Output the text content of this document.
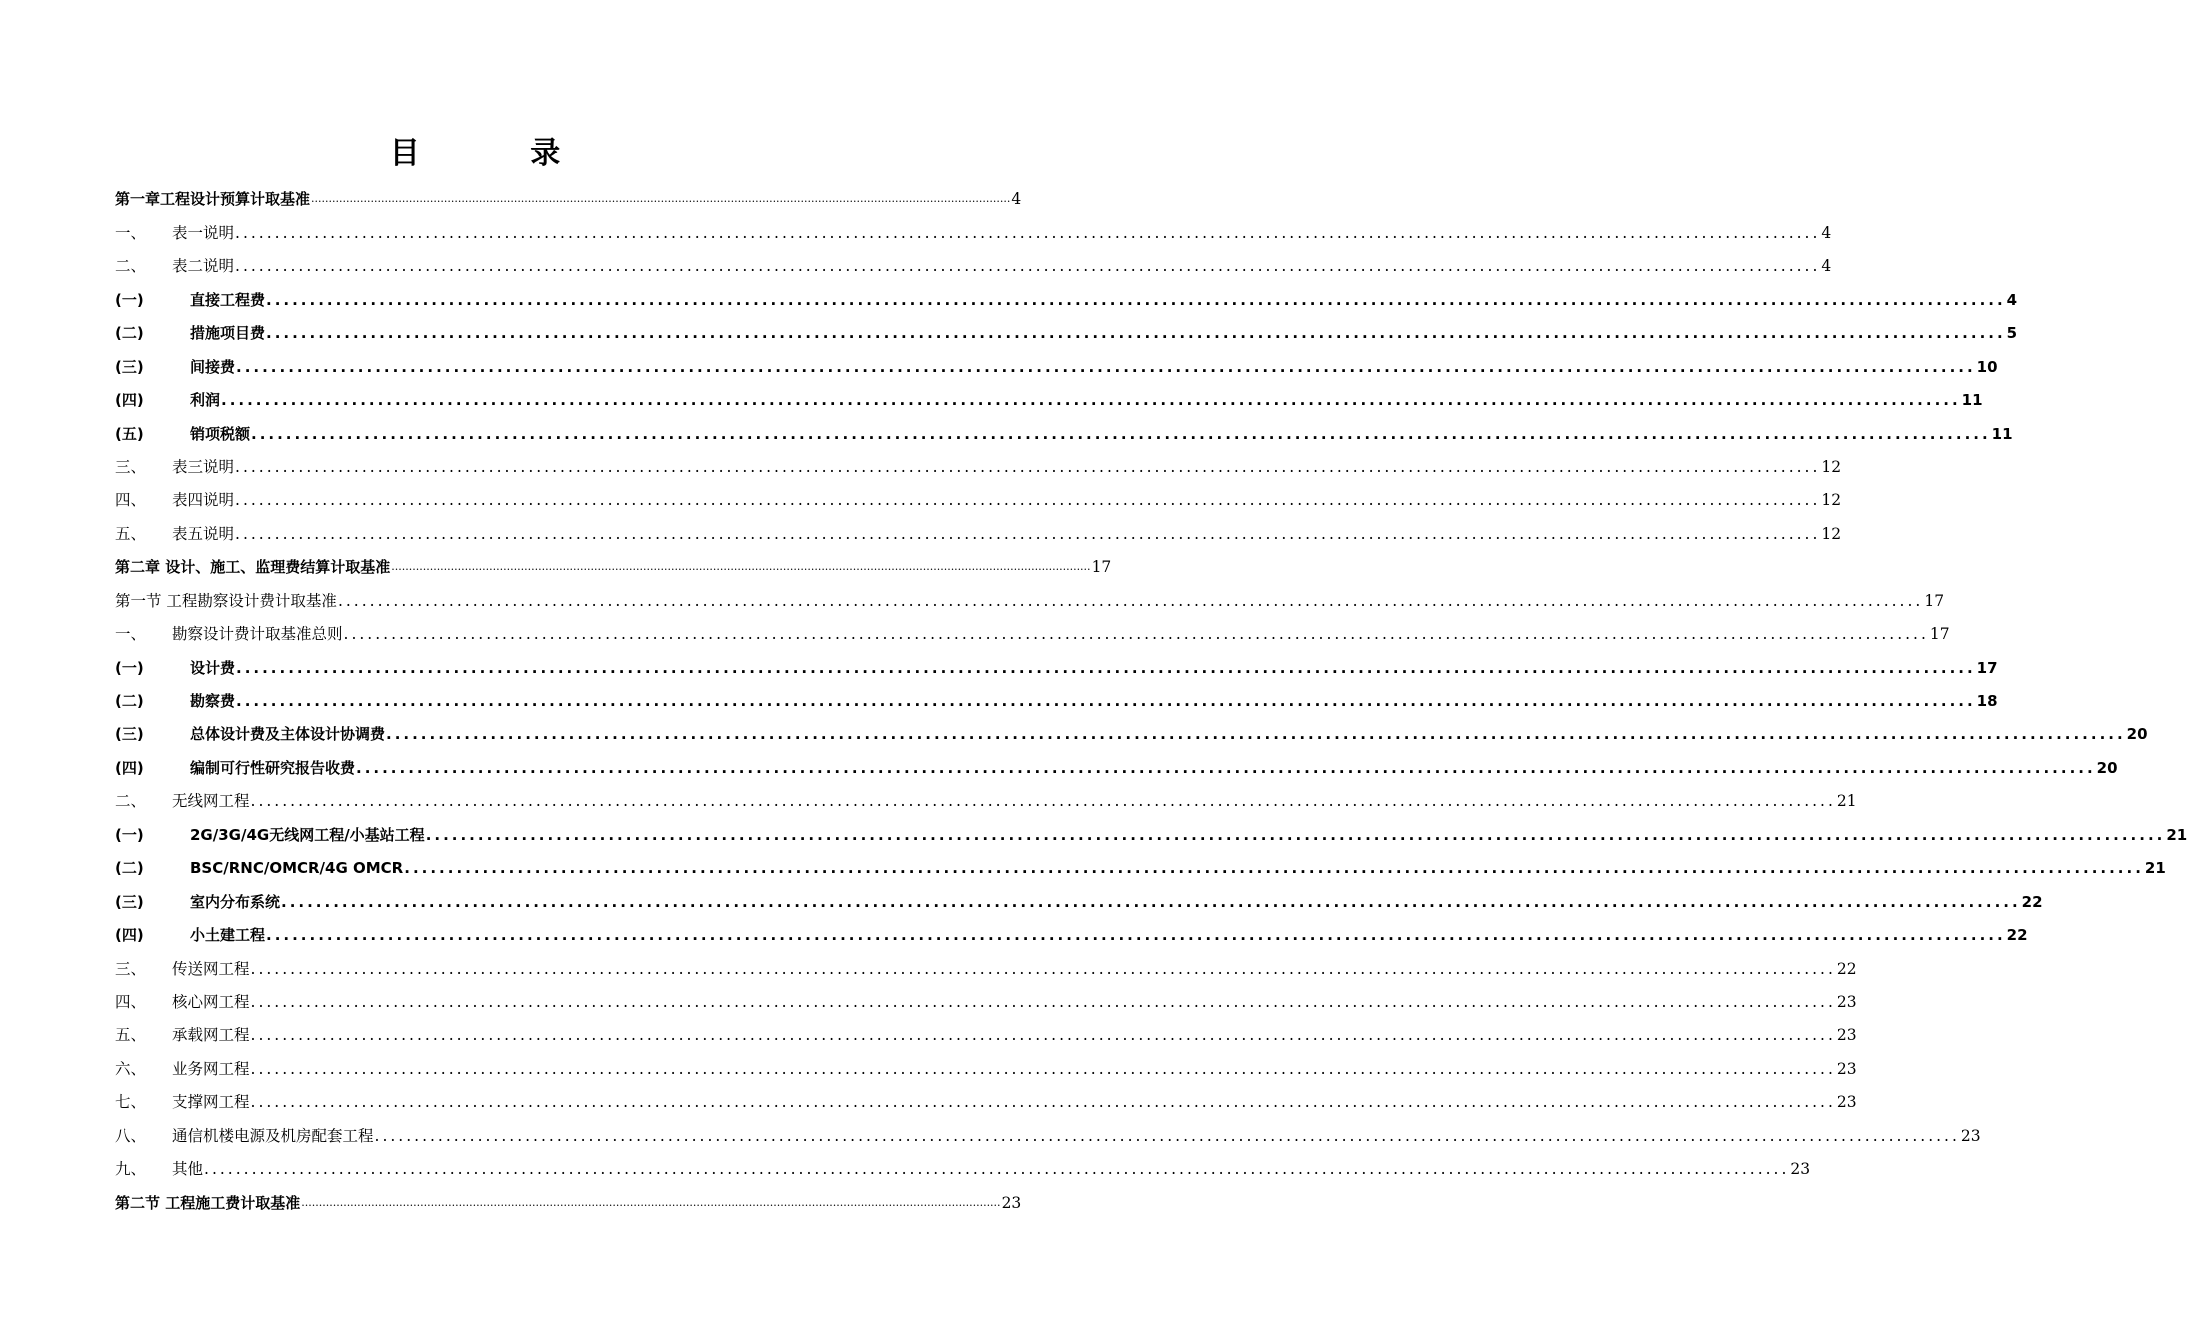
目 录
第一章工程设计预算计取基准 ........................................................................................................................................................................................................ 4
一、	表一说明 ........................................................................................................................................................................................................ 4
二、	表二说明 ........................................................................................................................................................................................................ 4
(一)	直接工程费 ........................................................................................................................................................................................................ 4
(二)	措施项目费 ........................................................................................................................................................................................................ 5
(三)	间接费 ........................................................................................................................................................................................................ 10
(四)	利润 ........................................................................................................................................................................................................ 11
(五)	销项税额 ........................................................................................................................................................................................................ 11
三、	表三说明 ........................................................................................................................................................................................................ 12
四、	表四说明 ........................................................................................................................................................................................................ 12
五、	表五说明 ........................................................................................................................................................................................................ 12
第二章 设计、施工、监理费结算计取基准 ........................................................................................................................................................................................................ 17
第一节 工程勘察设计费计取基准 ........................................................................................................................................................................................................ 17
一、	勘察设计费计取基准总则 ........................................................................................................................................................................................................ 17
(一)	设计费 ........................................................................................................................................................................................................ 17
(二)	勘察费 ........................................................................................................................................................................................................ 18
(三)	总体设计费及主体设计协调费 ........................................................................................................................................................................................................ 20
(四)	编制可行性研究报告收费 ........................................................................................................................................................................................................ 20
二、	无线网工程 ........................................................................................................................................................................................................ 21
(一)	2G/3G/4G无线网工程/小基站工程 ........................................................................................................................................................................................................ 21
(二)	BSC/RNC/OMCR/4G OMCR ........................................................................................................................................................................................................ 21
(三)	室内分布系统 ........................................................................................................................................................................................................ 22
(四)	小土建工程 ........................................................................................................................................................................................................ 22
三、	传送网工程 ........................................................................................................................................................................................................ 22
四、	核心网工程 ........................................................................................................................................................................................................ 23
五、	承载网工程 ........................................................................................................................................................................................................ 23
六、	业务网工程 ........................................................................................................................................................................................................ 23
七、	支撑网工程 ........................................................................................................................................................................................................ 23
八、	通信机楼电源及机房配套工程 ........................................................................................................................................................................................................ 23
九、	其他 ........................................................................................................................................................................................................ 23
第二节 工程施工费计取基准 ........................................................................................................................................................................................................ 23
